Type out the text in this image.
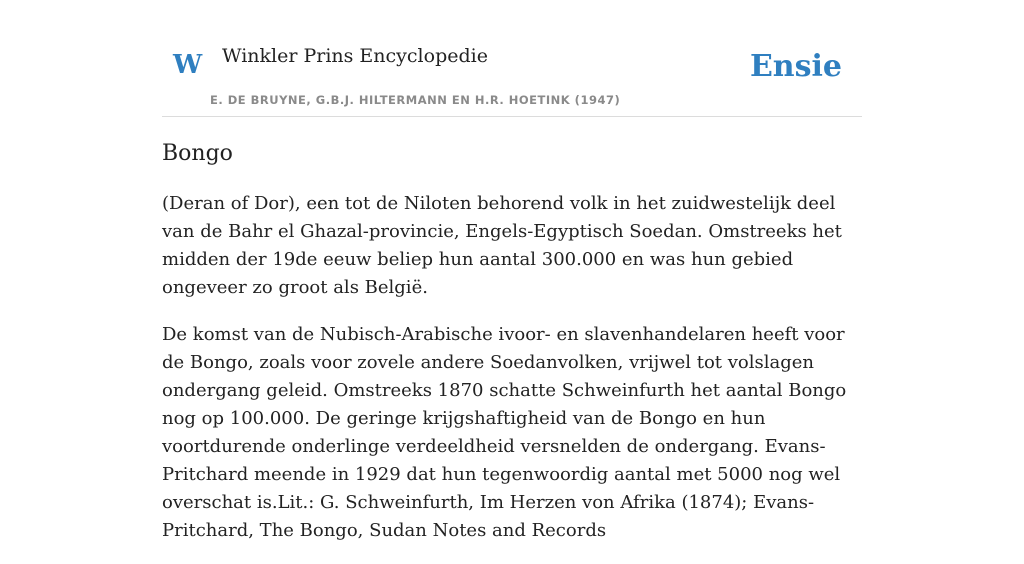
W Winkler Prins Encyclopedie
E. DE BRUYNE, G.B.J. HILTERMANN EN H.R. HOETINK (1947)
Ensie
Bongo

(Deran of Dor), een tot de Niloten behorend volk in het zuidwestelijk deel van de Bahr el Ghazal-provincie, Engels-Egyptisch Soedan. Omstreeks het midden der 19de eeuw beliep hun aantal 300.000 en was hun gebied ongeveer zo groot als België.

De komst van de Nubisch-Arabische ivoor- en slavenhandelaren heeft voor de Bongo, zoals voor zovele andere Soedanvolken, vrijwel tot volslagen ondergang geleid. Omstreeks 1870 schatte Schweinfurth het aantal Bongo nog op 100.000. De geringe krijgshaftigheid van de Bongo en hun voortdurende onderlinge verdeeldheid versnelden de ondergang. Evans-Pritchard meende in 1929 dat hun tegenwoordig aantal met 5000 nog wel overschat is.Lit.: G. Schweinfurth, Im Herzen von Afrika (1874); Evans-Pritchard, The Bongo, Sudan Notes and Records
